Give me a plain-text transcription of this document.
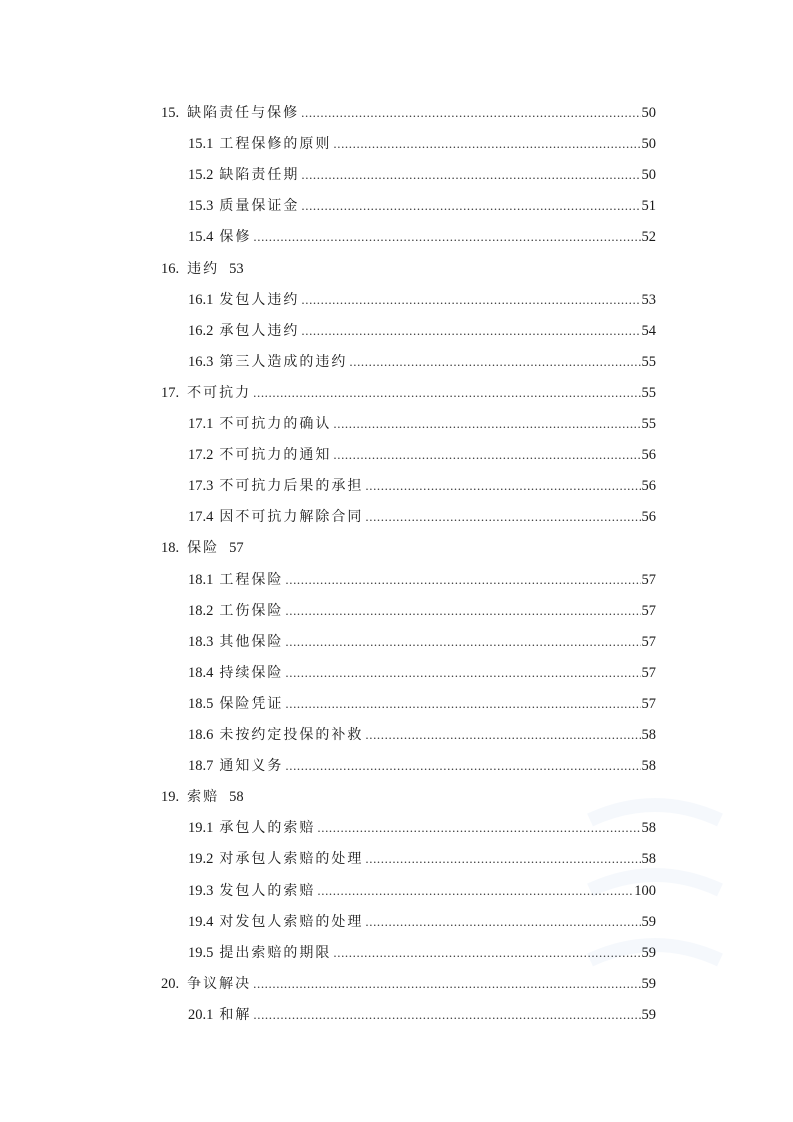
15. 缺陷责任与保修 .....	50
15.1 工程保修的原则 .....	50
15.2 缺陷责任期 .....	50
15.3 质量保证金 .....	51
15.4 保修 .....	52
16. 违约 53
16.1 发包人违约 .....	53
16.2 承包人违约 .....	54
16.3 第三人造成的违约 .....	55
17. 不可抗力 .....	55
17.1 不可抗力的确认 .....	55
17.2 不可抗力的通知 .....	56
17.3 不可抗力后果的承担 .....	56
17.4 因不可抗力解除合同 .....	56
18. 保险 57
18.1 工程保险 .....	57
18.2 工伤保险 .....	57
18.3 其他保险 .....	57
18.4 持续保险 .....	57
18.5 保险凭证 .....	57
18.6 未按约定投保的补救 .....	58
18.7 通知义务 .....	58
19. 索赔 58
19.1 承包人的索赔 .....	58
19.2 对承包人索赔的处理 .....	58
19.3 发包人的索赔 .....	100
19.4 对发包人索赔的处理 .....	59
19.5 提出索赔的期限 .....	59
20. 争议解决 .....	59
20.1 和解 .....	59
